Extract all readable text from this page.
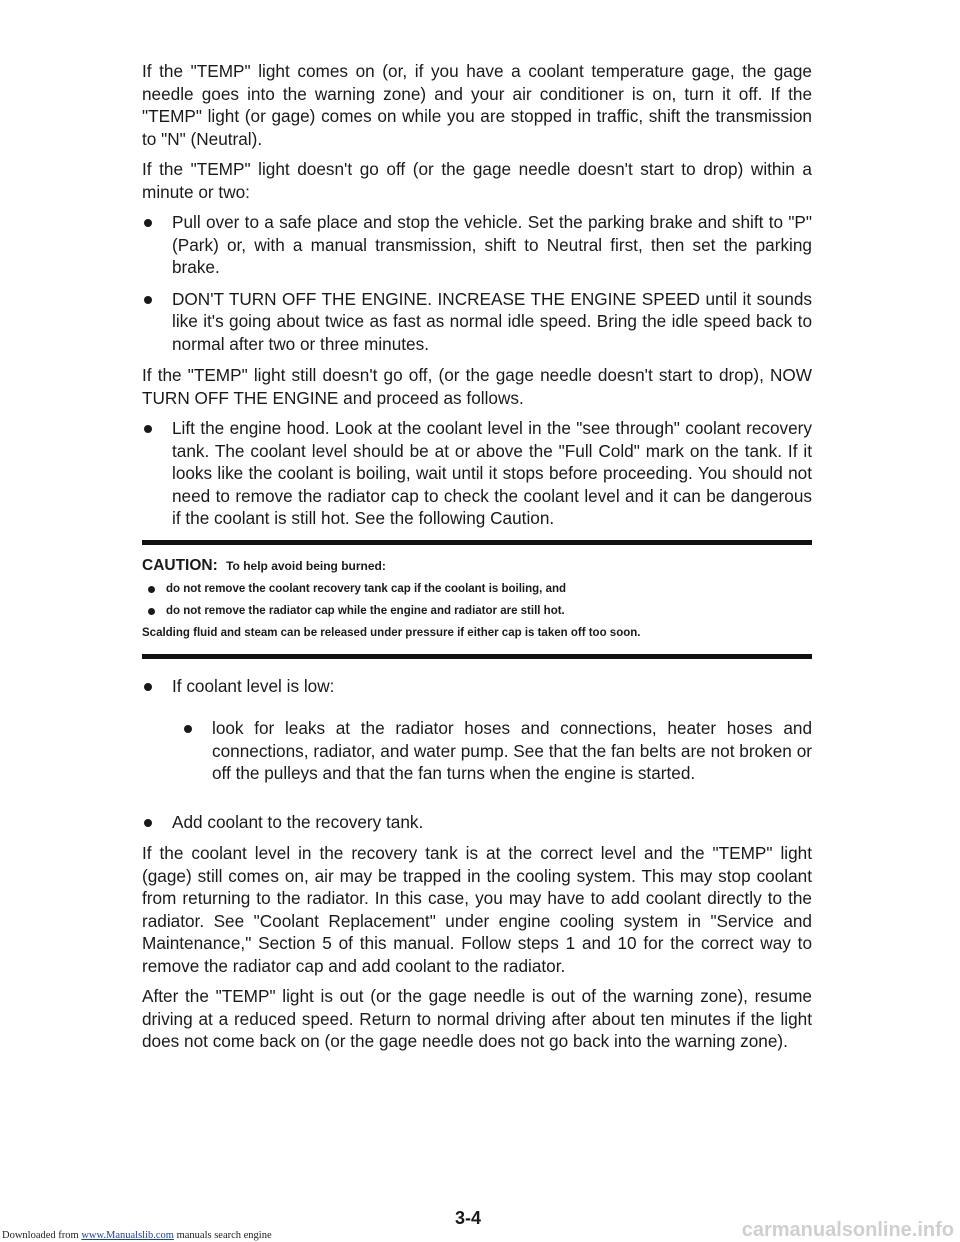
If the "TEMP" light comes on (or, if you have a coolant temperature gage, the gage needle goes into the warning zone) and your air conditioner is on, turn it off. If the "TEMP" light (or gage) comes on while you are stopped in traffic, shift the transmission to "N" (Neutral).

If the "TEMP" light doesn't go off (or the gage needle doesn't start to drop) within a minute or two:

Pull over to a safe place and stop the vehicle. Set the parking brake and shift to "P" (Park) or, with a manual transmission, shift to Neutral first, then set the parking brake.
DON'T TURN OFF THE ENGINE. INCREASE THE ENGINE SPEED until it sounds like it's going about twice as fast as normal idle speed. Bring the idle speed back to normal after two or three minutes.

If the "TEMP" light still doesn't go off, (or the gage needle doesn't start to drop), NOW TURN OFF THE ENGINE and proceed as follows.

Lift the engine hood. Look at the coolant level in the "see through" coolant recovery tank. The coolant level should be at or above the "Full Cold" mark on the tank. If it looks like the coolant is boiling, wait until it stops before proceeding. You should not need to remove the radiator cap to check the coolant level and it can be dangerous if the coolant is still hot. See the following Caution.

CAUTION: To help avoid being burned:

do not remove the coolant recovery tank cap if the coolant is boiling, and
do not remove the radiator cap while the engine and radiator are still hot.

Scalding fluid and steam can be released under pressure if either cap is taken off too soon.

If coolant level is low:
look for leaks at the radiator hoses and connections, heater hoses and connections, radiator, and water pump. See that the fan belts are not broken or off the pulleys and that the fan turns when the engine is started.
Add coolant to the recovery tank.

If the coolant level in the recovery tank is at the correct level and the "TEMP" light (gage) still comes on, air may be trapped in the cooling system. This may stop coolant from returning to the radiator. In this case, you may have to add coolant directly to the radiator. See "Coolant Replacement" under engine cooling system in "Service and Maintenance," Section 5 of this manual. Follow steps 1 and 10 for the correct way to remove the radiator cap and add coolant to the radiator.

After the "TEMP" light is out (or the gage needle is out of the warning zone), resume driving at a reduced speed. Return to normal driving after about ten minutes if the light does not come back on (or the gage needle does not go back into the warning zone).

3-4
Downloaded from www.Manualslib.com manuals search engine	carmanualsonline.info
